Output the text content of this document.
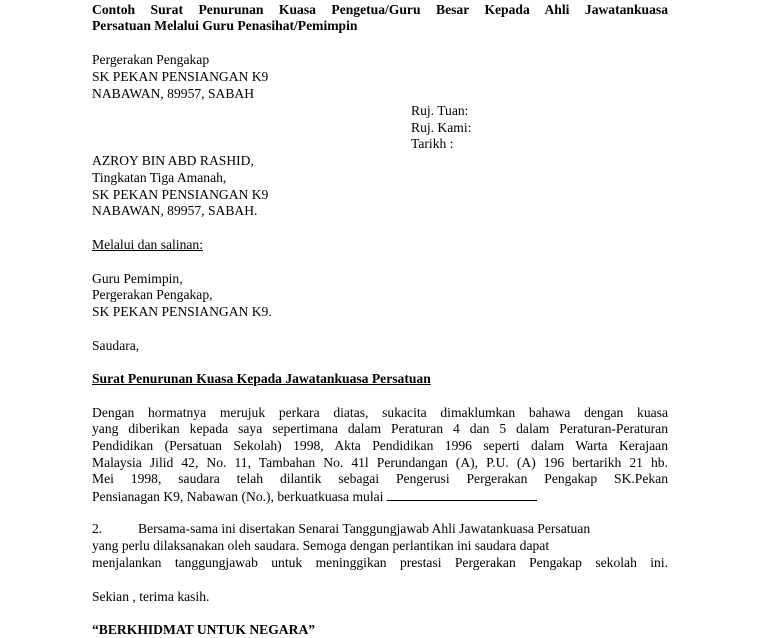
Contoh Surat Penurunan Kuasa Pengetua/Guru Besar Kepada Ahli Jawatankuasa
Persatuan Melalui Guru Penasihat/Pemimpin
Pergerakan Pengakap
SK PEKAN PENSIANGAN K9
NABAWAN, 89957, SABAH
Ruj. Tuan:
Ruj. Kami:
Tarikh :
AZROY BIN ABD RASHID,
Tingkatan Tiga Amanah,
SK PEKAN PENSIANGAN K9
NABAWAN, 89957, SABAH.
Melalui dan salinan:
Guru Pemimpin,
Pergerakan Pengakap,
SK PEKAN PENSIANGAN K9.
Saudara,
Surat Penurunan Kuasa Kepada Jawatankuasa Persatuan
Dengan hormatnya merujuk perkara diatas, sukacita dimaklumkan bahawa dengan kuasa
yang diberikan kepada saya sepertimana dalam Peraturan 4 dan 5 dalam Peraturan-Peraturan
Pendidikan (Persatuan Sekolah) 1998, Akta Pendidikan 1996 seperti dalam Warta Kerajaan
Malaysia Jilid 42, No. 11, Tambahan No. 41l Perundangan (A), P.U. (A) 196 bertarikh 21 hb.
Mei 1998, saudara telah dilantik sebagai Pengerusi Pergerakan Pengakap SK.Pekan
Pensianagan K9, Nabawan (No.), berkuatkuasa mulai
2.	Bersama-sama ini disertakan Senarai Tanggungjawab Ahli Jawatankuasa Persatuan
yang perlu dilaksanakan oleh saudara. Semoga dengan perlantikan ini saudara dapat
menjalankan tanggungjawab untuk meninggikan prestasi Pergerakan Pengakap sekolah ini.
Sekian , terima kasih.
“BERKHIDMAT UNTUK NEGARA”
